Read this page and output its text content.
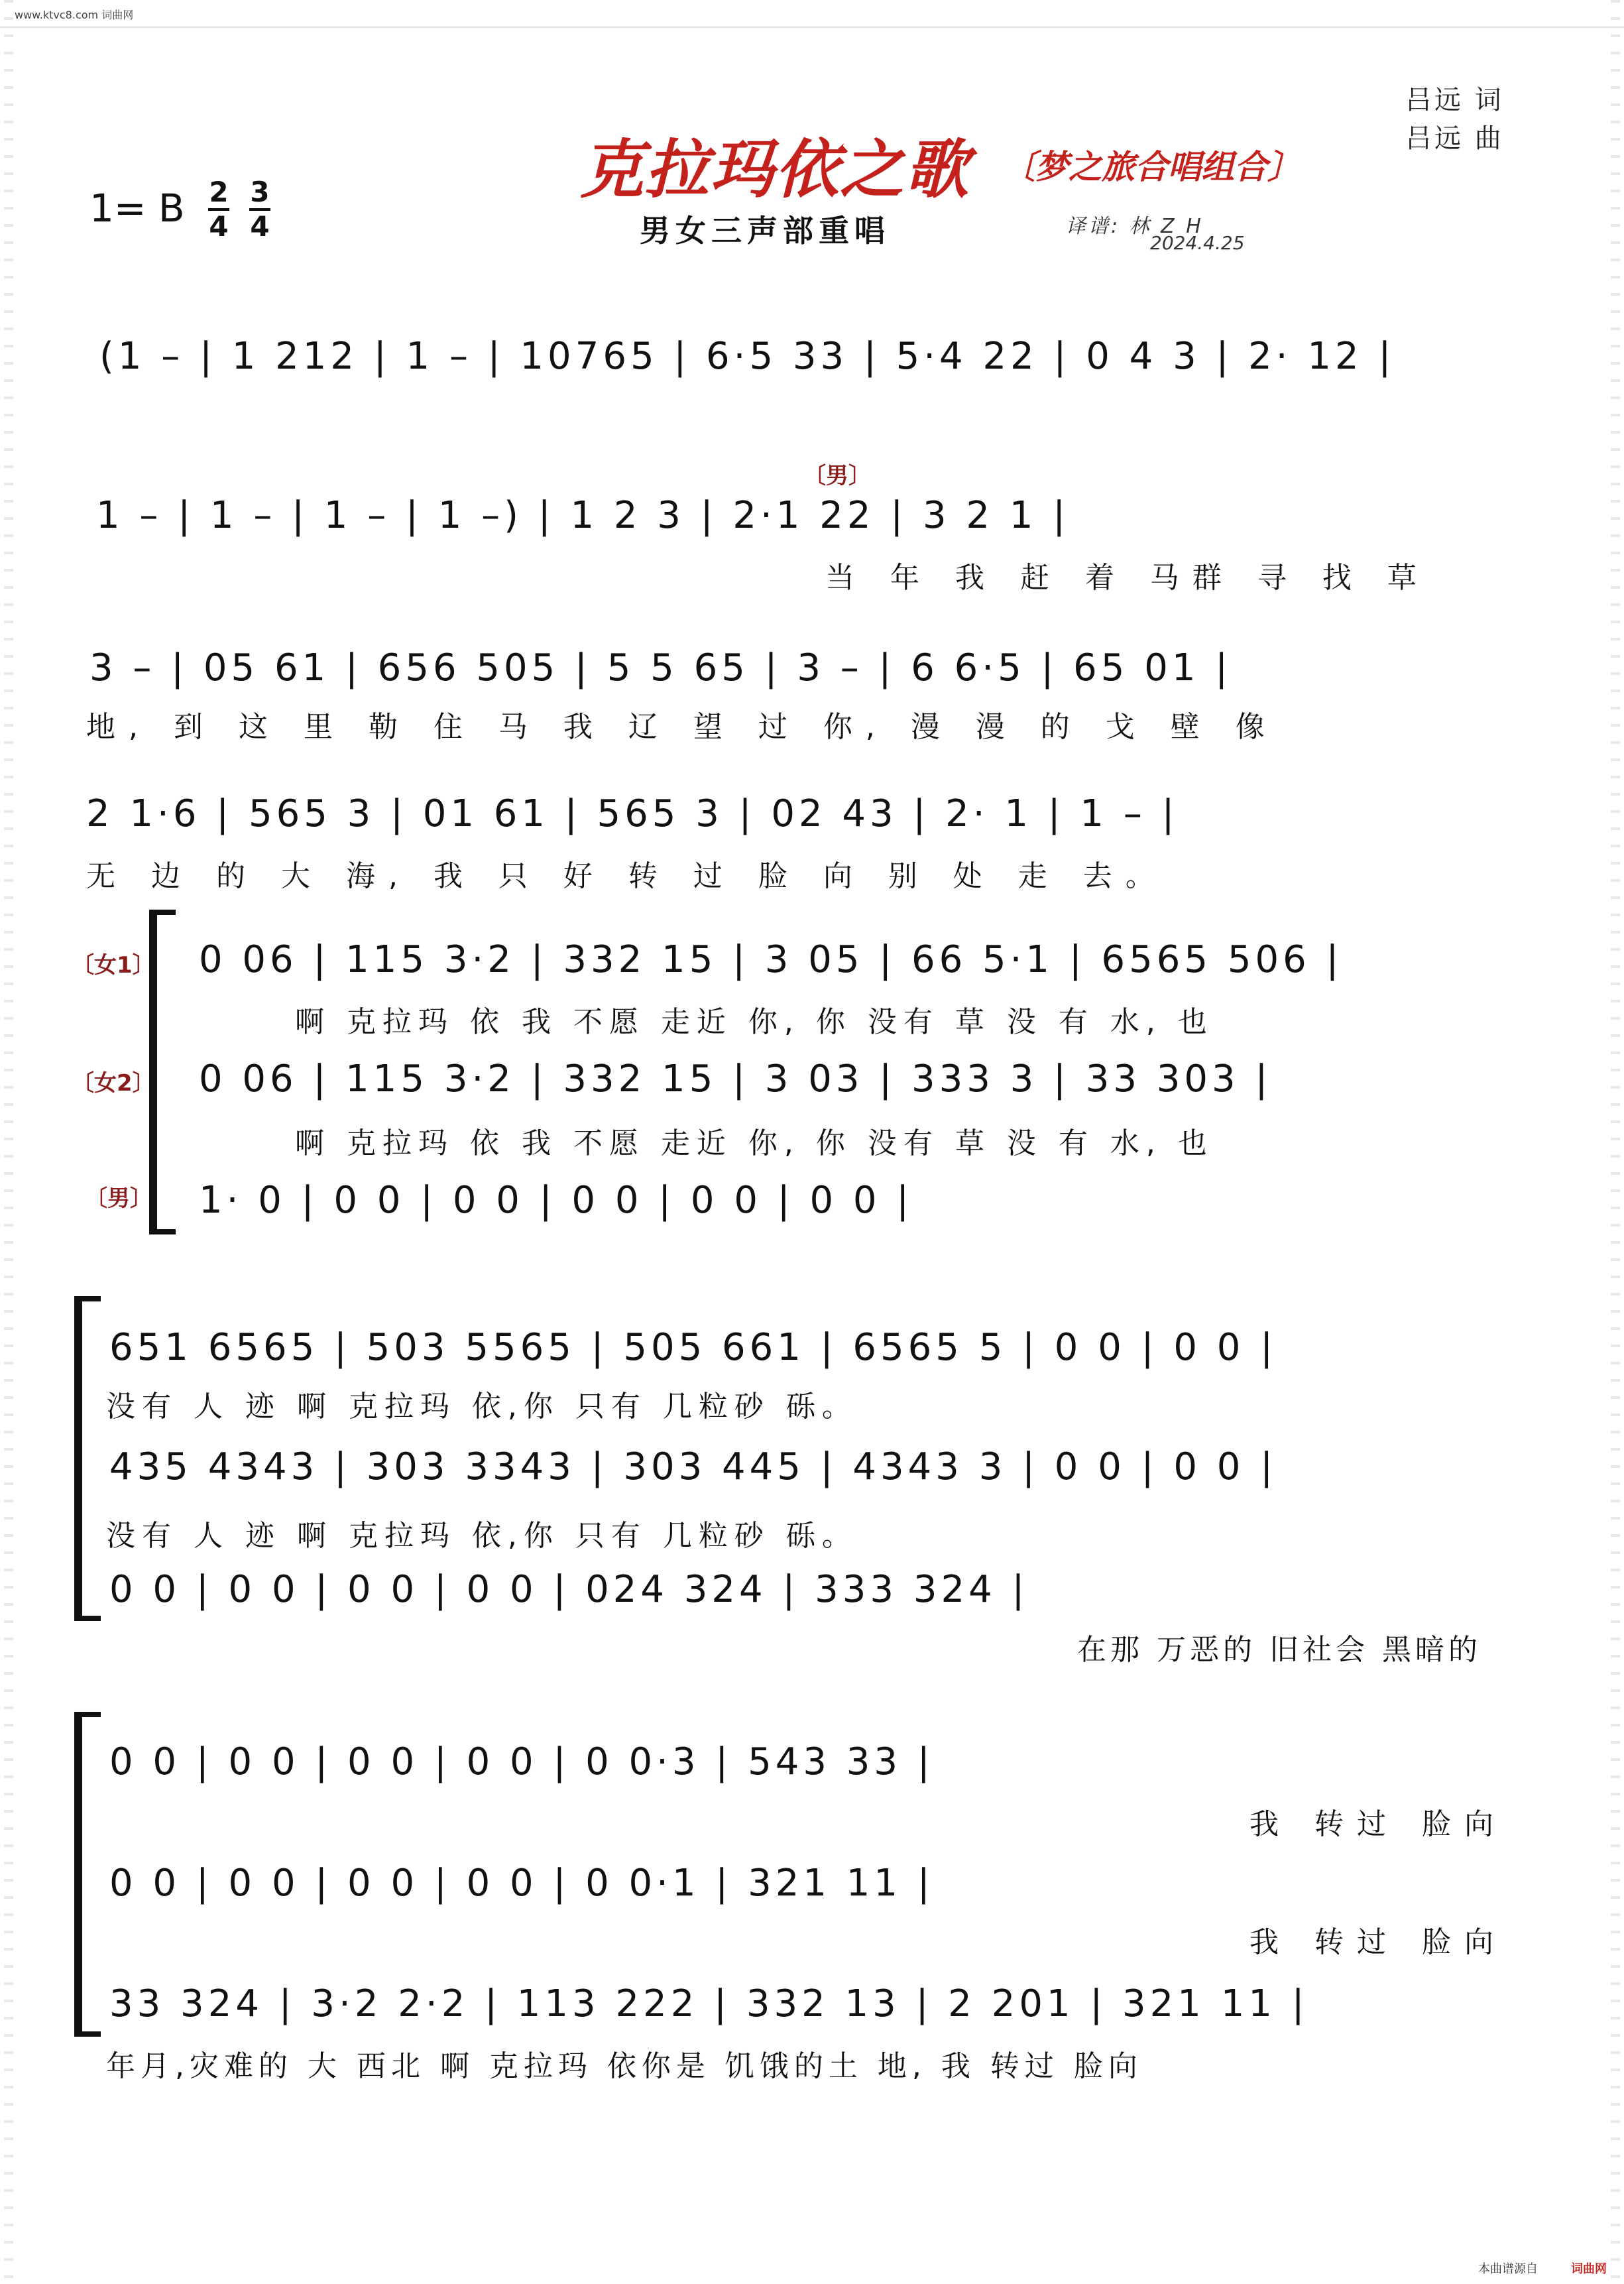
www.ktvc8.com 词曲网
吕远 词
吕远 曲
克拉玛依之歌 〔梦之旅合唱组合〕
1= B 2
4
3
4	男女三声部重唱	译谱: 林 Z H
2024.4.25
(1 – | 1 212 | 1 – | 10765 | 6·5 33 | 5·4 22 | 0 4 3 | 2· 12 |
〔男〕
1 – | 1 – | 1 – | 1 –) | 1 2 3 | 2·1 22 | 3 2 1 |
当 年 我 赶 着 马群 寻 找 草
3 – | 05 61 | 656 505 | 5 5 65 | 3 – | 6 6·5 | 65 01 |
地, 到 这 里 勒 住 马 我 辽 望 过 你, 漫 漫 的 戈 壁 像
2 1·6 | 565 3 | 01 61 | 565 3 | 02 43 | 2· 1 | 1 – |
无 边 的 大 海, 我 只 好 转 过 脸 向 别 处 走 去。
〔女1〕
〔女2〕
〔男〕
0 06 | 115 3·2 | 332 15 | 3 05 | 66 5·1 | 6565 506 |
啊 克拉玛 依 我 不愿 走近 你, 你 没有 草 没 有 水, 也
0 06 | 115 3·2 | 332 15 | 3 03 | 333 3 | 33 303 |
啊 克拉玛 依 我 不愿 走近 你, 你 没有 草 没 有 水, 也
1· 0 | 0 0 | 0 0 | 0 0 | 0 0 | 0 0 |
651 6565 | 503 5565 | 505 661 | 6565 5 | 0 0 | 0 0 |
没有 人 迹 啊 克拉玛 依,你 只有 几粒砂 砾。
435 4343 | 303 3343 | 303 445 | 4343 3 | 0 0 | 0 0 |
没有 人 迹 啊 克拉玛 依,你 只有 几粒砂 砾。
0 0 | 0 0 | 0 0 | 0 0 | 024 324 | 333 324 |
在那 万恶的 旧社会 黑暗的
0 0 | 0 0 | 0 0 | 0 0 | 0 0·3 | 543 33 |
我 转过 脸向
0 0 | 0 0 | 0 0 | 0 0 | 0 0·1 | 321 11 |
我 转过 脸向
33 324 | 3·2 2·2 | 113 222 | 332 13 | 2 201 | 321 11 |
年月,灾难的 大 西北 啊 克拉玛 依你是 饥饿的土 地, 我 转过 脸向
本曲谱源自	词曲网
